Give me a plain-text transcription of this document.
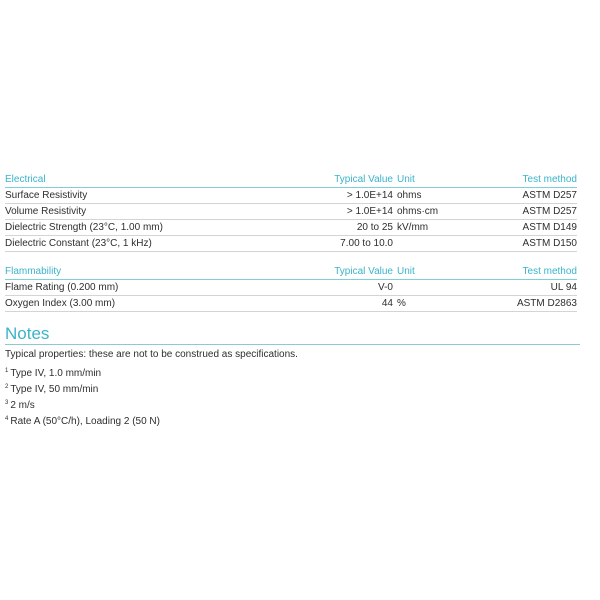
Electrical	Typical Value	Unit	Test method
Surface Resistivity	> 1.0E+14	ohms	ASTM D257
Volume Resistivity	> 1.0E+14	ohms·cm	ASTM D257
Dielectric Strength (23°C, 1.00 mm)	20 to 25	kV/mm	ASTM D149
Dielectric Constant (23°C, 1 kHz)	7.00 to 10.0		ASTM D150
Flammability	Typical Value	Unit	Test method
Flame Rating (0.200 mm)	V-0		UL 94
Oxygen Index (3.00 mm)	44	%	ASTM D2863
Notes
Typical properties: these are not to be construed as specifications.
$^1$ Type IV, 1.0 mm/min
$^2$ Type IV, 50 mm/min
$^3$ 2 m/s
$^4$ Rate A (50°C/h), Loading 2 (50 N)
